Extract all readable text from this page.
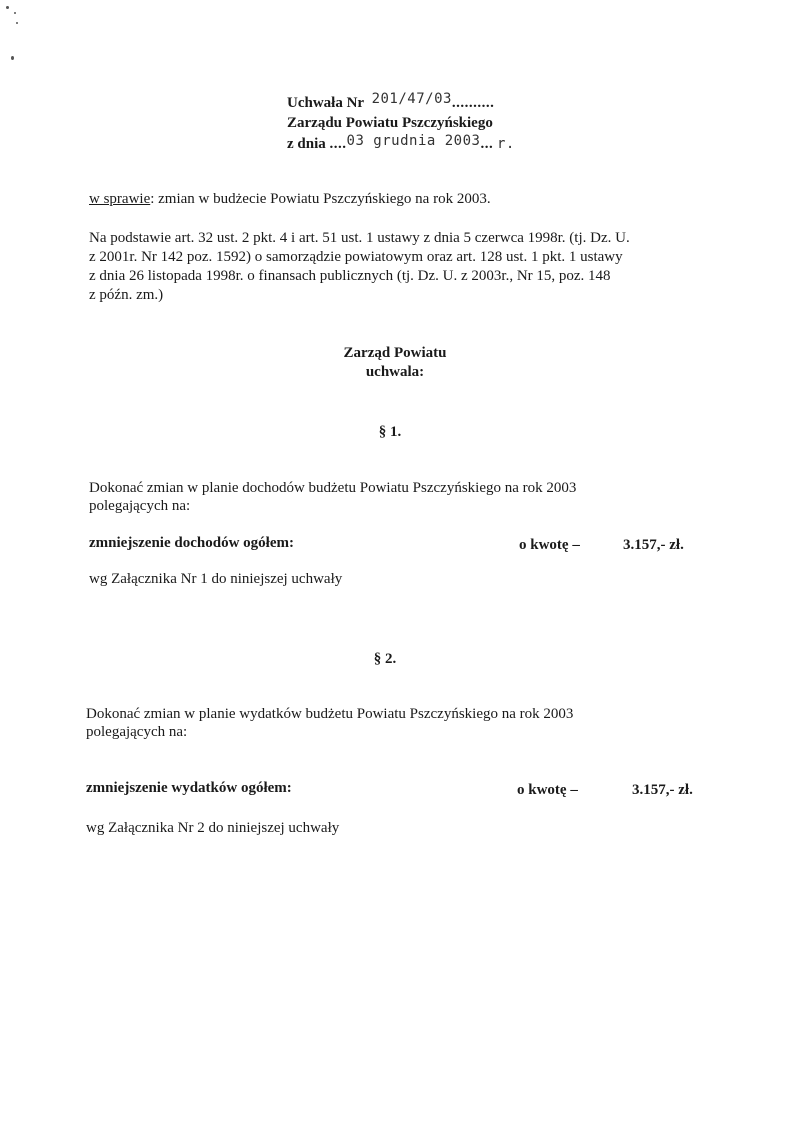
Uchwała Nr 201/47/03..........
Zarządu Powiatu Pszczyńskiego
z dnia ....03 grudnia 2003... r.
w sprawie: zmian w budżecie Powiatu Pszczyńskiego na rok 2003.
Na podstawie art. 32 ust. 2 pkt. 4 i art. 51 ust. 1 ustawy z dnia 5 czerwca 1998r. (tj. Dz. U.
z 2001r. Nr 142 poz. 1592) o samorządzie powiatowym oraz art. 128 ust. 1 pkt. 1 ustawy
z dnia 26 listopada 1998r. o finansach publicznych (tj. Dz. U. z 2003r., Nr 15, poz. 148
z późn. zm.)
Zarząd Powiatu
uchwala:
§ 1.
Dokonać zmian w planie dochodów budżetu Powiatu Pszczyńskiego na rok 2003
polegających na:
zmniejszenie dochodów ogółem:	o kwotę –	3.157,- zł.
wg Załącznika Nr 1 do niniejszej uchwały
§ 2.
Dokonać zmian w planie wydatków budżetu Powiatu Pszczyńskiego na rok 2003
polegających na:
zmniejszenie wydatków ogółem:	o kwotę –	3.157,- zł.
wg Załącznika Nr 2 do niniejszej uchwały
